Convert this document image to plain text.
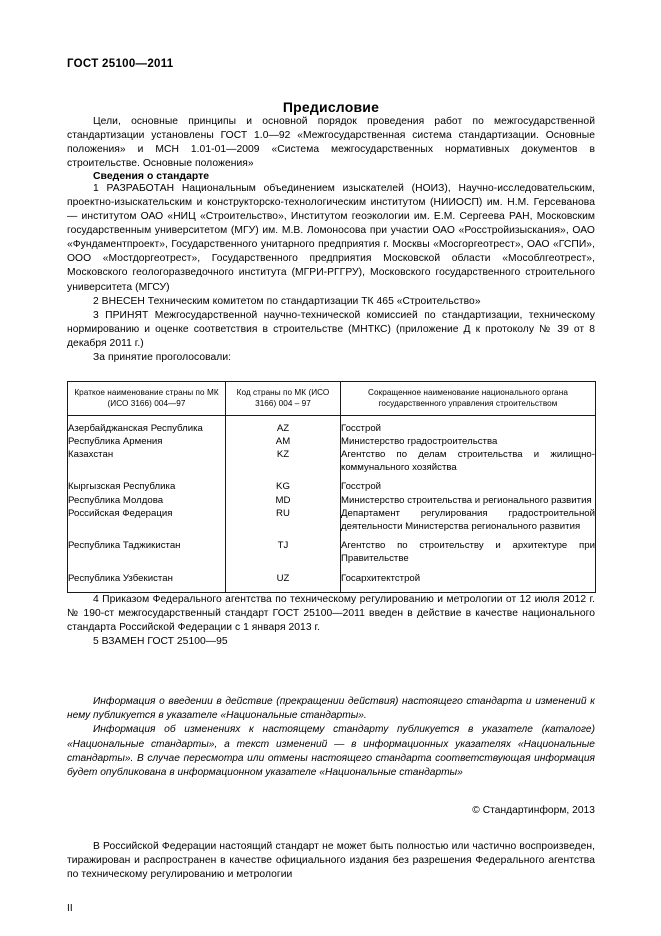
ГОСТ 25100—2011
Предисловие

Цели, основные принципы и основной порядок проведения работ по межгосударственной стандартизации установлены ГОСТ 1.0—92 «Межгосударственная система стандартизации. Основные положения» и МСН 1.01-01—2009 «Система межгосударственных нормативных документов в строительстве. Основные положения»

Сведения о стандарте

1 РАЗРАБОТАН Национальным объединением изыскателей (НОИЗ), Научно-исследовательским, проектно-изыскательским и конструкторско-технологическим институтом (НИИОСП) им. Н.М. Герсеванова — институтом ОАО «НИЦ «Строительство», Институтом геоэкологии им. Е.М. Сергеева РАН, Московским государственным университетом (МГУ) им. М.В. Ломоносова при участии ОАО «Росстройизыскания», ОАО «Фундаментпроект», Государственного унитарного предприятия г. Москвы «Мосгоргеотрест», ОАО «ГСПИ», ООО «Мостдоргеотрест», Государственного предприятия Московской области «Мособлгеотрест», Московского геологоразведочного института (МГРИ-РГГРУ), Московского государственного строительного университета (МГСУ)

2 ВНЕСЕН Техническим комитетом по стандартизации ТК 465 «Строительство»

3 ПРИНЯТ Межгосударственной научно-технической комиссией по стандартизации, техническому нормированию и оценке соответствия в строительстве (МНТКС) (приложение Д к протоколу № 39 от 8 декабря 2011 г.)

За принятие проголосовали:

Краткое наименование страны по МК (ИСО 3166) 004—97	Код страны по МК (ИСО 3166) 004 – 97	Сокращенное наименование национального органа государственного управления строительством
Азербайджанская Республика	AZ	Госстрой
Республика Армения	AM	Министерство градостроительства
Казахстан	KZ	Агентство по делам строительства и жилищно-коммунального хозяйства

Кыргызская Республика	KG	Госстрой
Республика Молдова	MD	Министерство строительства и регионального развития
Российская Федерация	RU	Департамент регулирования градостроительной деятельности Министерства регионального развития

Республика Таджикистан	TJ	Агентство по строительству и архитектуре при Правительстве

Республика Узбекистан	UZ	Госархитектстрой

4 Приказом Федерального агентства по техническому регулированию и метрологии от 12 июля 2012 г. № 190-ст межгосударственный стандарт ГОСТ 25100—2011 введен в действие в качестве национального стандарта Российской Федерации с 1 января 2013 г.

5 ВЗАМЕН ГОСТ 25100—95

Информация о введении в действие (прекращении действия) настоящего стандарта и изменений к нему публикуется в указателе «Национальные стандарты».

Информация об изменениях к настоящему стандарту публикуется в указателе (каталоге) «Национальные стандарты», а текст изменений — в информационных указателях «Национальные стандарты». В случае пересмотра или отмены настоящего стандарта соответствующая информация будет опубликована в информационном указателе «Национальные стандарты»

© Стандартинформ, 2013

В Российской Федерации настоящий стандарт не может быть полностью или частично воспроизведен, тиражирован и распространен в качестве официального издания без разрешения Федерального агентства по техническому регулированию и метрологии

II
